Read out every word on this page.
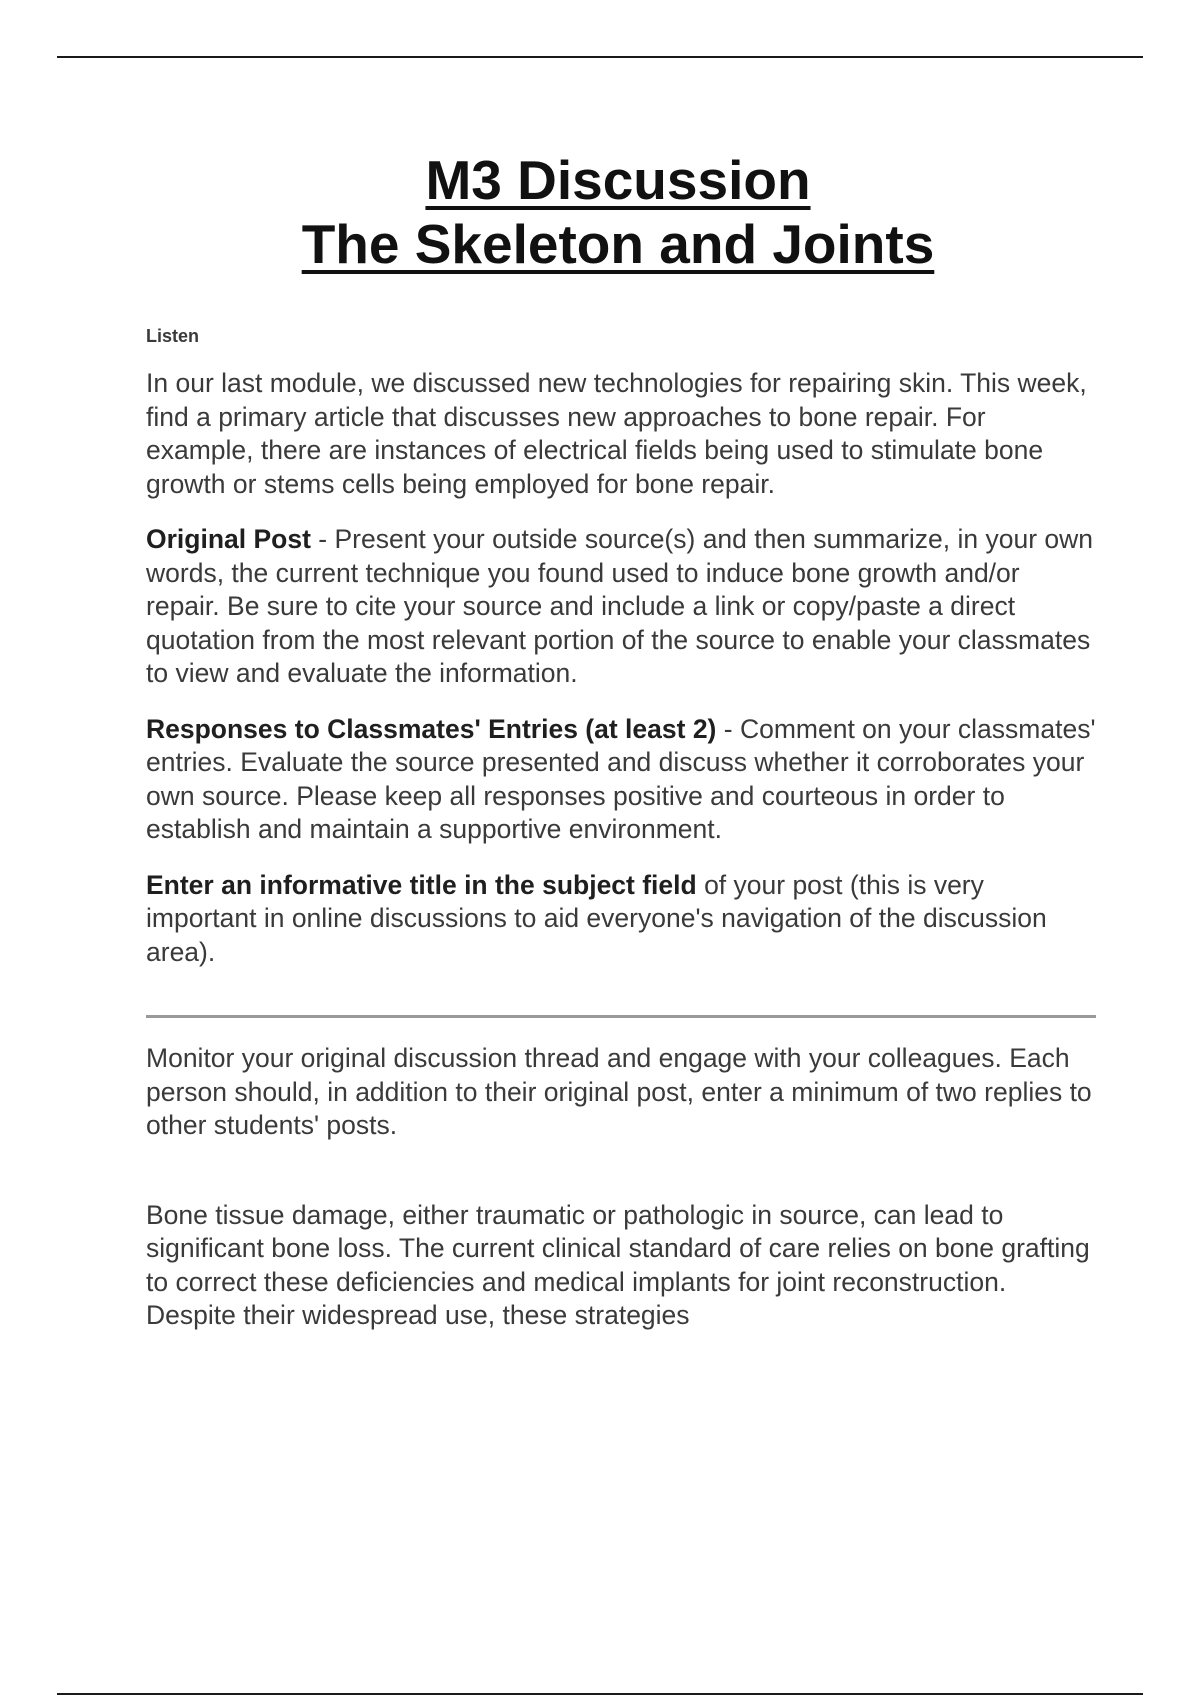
M3 Discussion
The Skeleton and Joints
Listen

In our last module, we discussed new technologies for repairing skin. This week, find a primary article that discusses new approaches to bone repair. For example, there are instances of electrical fields being used to stimulate bone growth or stems cells being employed for bone repair.

Original Post - Present your outside source(s) and then summarize, in your own words, the current technique you found used to induce bone growth and/or repair. Be sure to cite your source and include a link or copy/paste a direct quotation from the most relevant portion of the source to enable your classmates to view and evaluate the information.

Responses to Classmates' Entries (at least 2) - Comment on your classmates' entries. Evaluate the source presented and discuss whether it corroborates your own source. Please keep all responses positive and courteous in order to establish and maintain a supportive environment.

Enter an informative title in the subject field of your post (this is very important in online discussions to aid everyone's navigation of the discussion area).

Monitor your original discussion thread and engage with your colleagues. Each person should, in addition to their original post, enter a minimum of two replies to other students' posts.

Bone tissue damage, either traumatic or pathologic in source, can lead to significant bone loss. The current clinical standard of care relies on bone grafting to correct these deficiencies and medical implants for joint reconstruction. Despite their widespread use, these strategies
